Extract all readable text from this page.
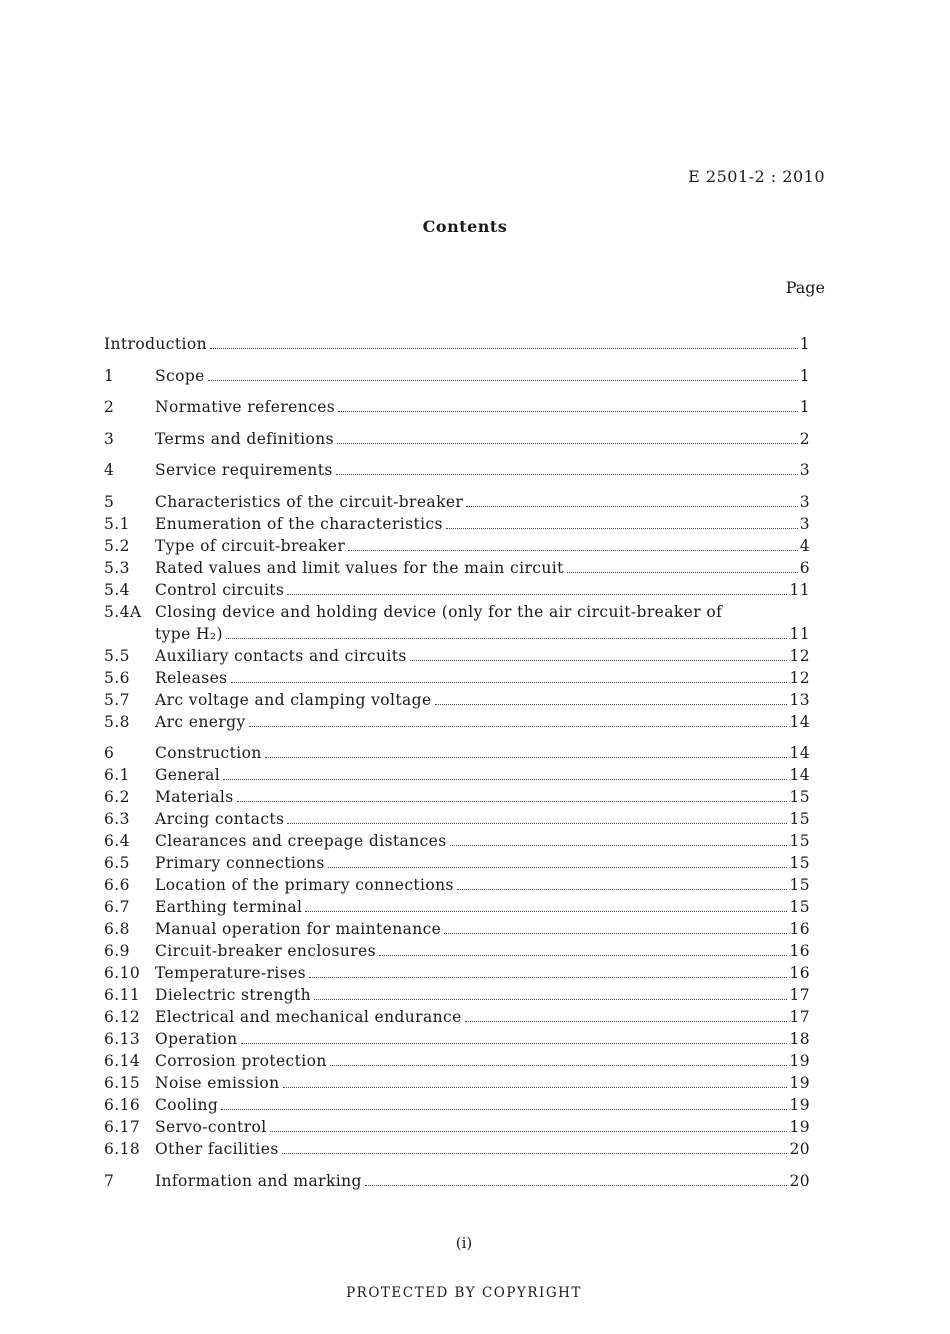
E 2501-2 : 2010
Contents
Page
Introduction	1
1	Scope	1
2	Normative references	1
3	Terms and definitions	2
4	Service requirements	3
5	Characteristics of the circuit-breaker	3
5.1	Enumeration of the characteristics	3
5.2	Type of circuit-breaker	4
5.3	Rated values and limit values for the main circuit	6
5.4	Control circuits	11
5.4A Closing device and holding device (only for the air circuit-breaker of
type H₂)	11
5.5	Auxiliary contacts and circuits	12
5.6	Releases	12
5.7	Arc voltage and clamping voltage	13
5.8	Arc energy	14
6	Construction	14
6.1	General	14
6.2	Materials	15
6.3	Arcing contacts	15
6.4	Clearances and creepage distances	15
6.5	Primary connections	15
6.6	Location of the primary connections	15
6.7	Earthing terminal	15
6.8	Manual operation for maintenance	16
6.9	Circuit-breaker enclosures	16
6.10 Temperature-rises	16
6.11 Dielectric strength	17
6.12 Electrical and mechanical endurance	17
6.13 Operation	18
6.14 Corrosion protection	19
6.15 Noise emission	19
6.16 Cooling	19
6.17 Servo-control	19
6.18 Other facilities	20
7	Information and marking	20
(i)
PROTECTED BY COPYRIGHT
